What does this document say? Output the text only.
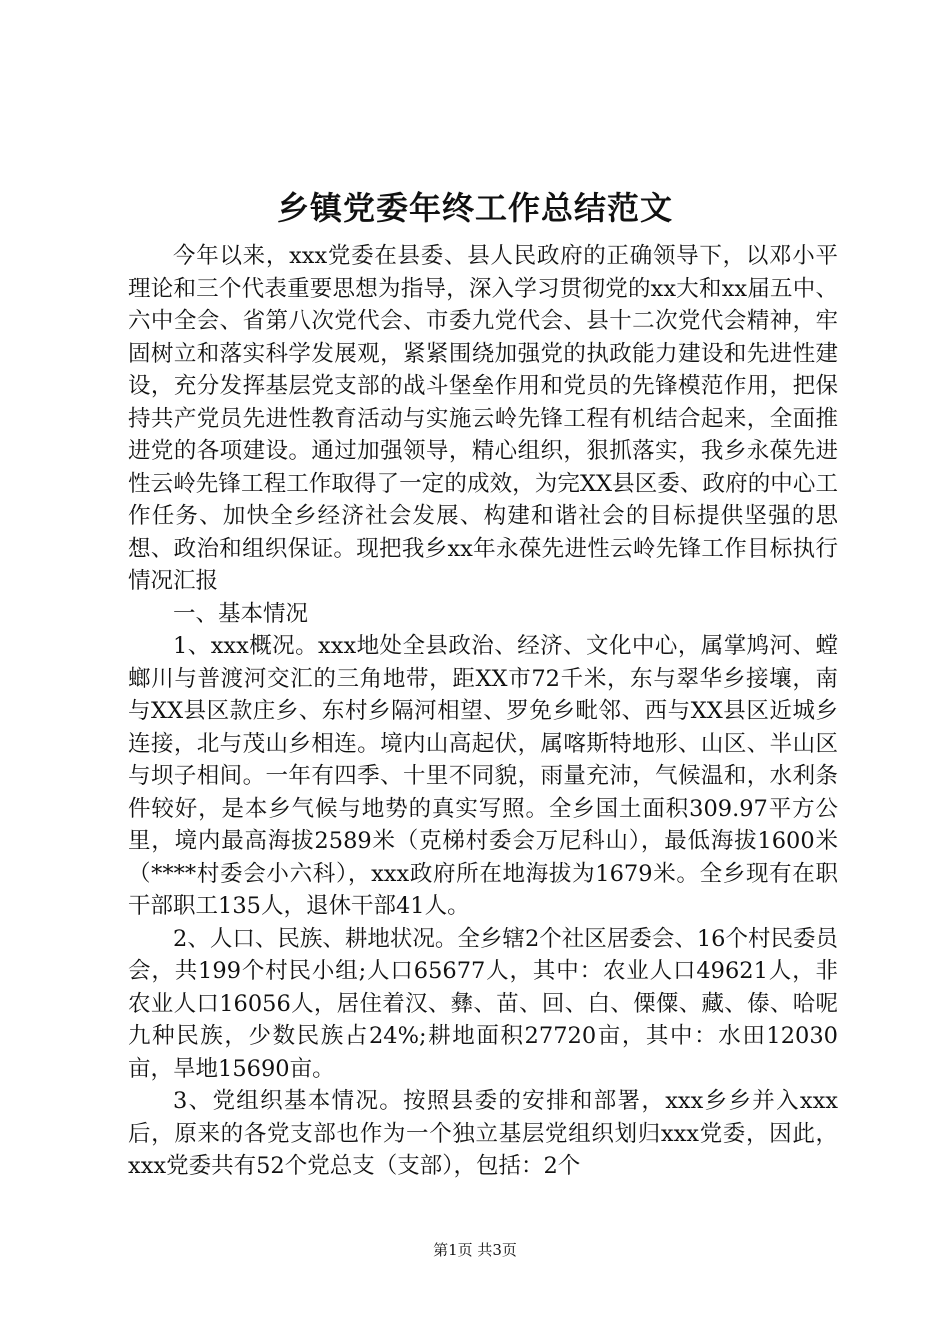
乡镇党委年终工作总结范文

今年以来，xxx党委在县委、县人民政府的正确领导下，以邓小平理论和三个代表重要思想为指导，深入学习贯彻党的xx大和xx届五中、六中全会、省第八次党代会、市委九党代会、县十二次党代会精神，牢固树立和落实科学发展观，紧紧围绕加强党的执政能力建设和先进性建设，充分发挥基层党支部的战斗堡垒作用和党员的先锋模范作用，把保持共产党员先进性教育活动与实施云岭先锋工程有机结合起来，全面推进党的各项建设。通过加强领导，精心组织，狠抓落实，我乡永葆先进性云岭先锋工程工作取得了一定的成效，为完XX县区委、政府的中心工作任务、加快全乡经济社会发展、构建和谐社会的目标提供坚强的思想、政治和组织保证。现把我乡xx年永葆先进性云岭先锋工作目标执行情况汇报

一、基本情况

1、xxx概况。xxx地处全县政治、经济、文化中心，属掌鸠河、螳螂川与普渡河交汇的三角地带，距XX市72千米，东与翠华乡接壤，南与XX县区款庄乡、东村乡隔河相望、罗免乡毗邻、西与XX县区近城乡连接，北与茂山乡相连。境内山高起伏，属喀斯特地形、山区、半山区与坝子相间。一年有四季、十里不同貌，雨量充沛，气候温和，水利条件较好，是本乡气候与地势的真实写照。全乡国土面积309.97平方公里，境内最高海拔2589米（克梯村委会万尼科山），最低海拔1600米（****村委会小六科），xxx政府所在地海拔为1679米。全乡现有在职干部职工135人，退休干部41人。

2、人口、民族、耕地状况。全乡辖2个社区居委会、16个村民委员会，共199个村民小组;人口65677人，其中：农业人口49621人，非农业人口16056人，居住着汉、彝、苗、回、白、傈僳、藏、傣、哈呢九种民族，少数民族占24%;耕地面积27720亩，其中：水田12030亩，旱地15690亩。

3、党组织基本情况。按照县委的安排和部署，xxx乡乡并入xxx后，原来的各党支部也作为一个独立基层党组织划归xxx党委，因此，xxx党委共有52个党总支（支部），包括：2个

第1页 共3页
